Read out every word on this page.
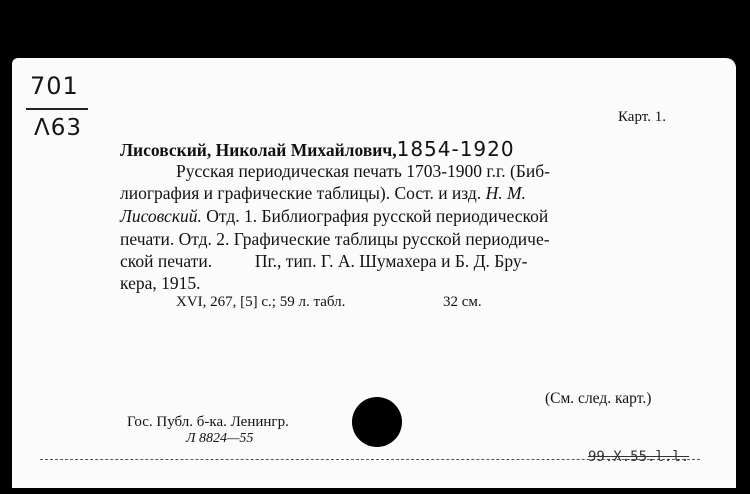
701
Λ63	Карт. 1.
Лисовский, Николай Михайлович,1854-1920
Русская периодическая печать 1703-1900 г.г. (Биб-
лиография и графические таблицы). Сост. и изд. Н. М.
Лисовский. Отд. 1. Библиография русской периодической
печати. Отд. 2. Графические таблицы русской периодиче-
ской печати. Пг., тип. Г. А. Шумахера и Б. Д. Бру-
кера, 1915.
XVI, 267, [5] с.; 59 л. табл.	32 см.
(См. след. карт.)
Гос. Публ. б-ка. Ленингр.
Л 8824—55
99.X.55.l.l.
